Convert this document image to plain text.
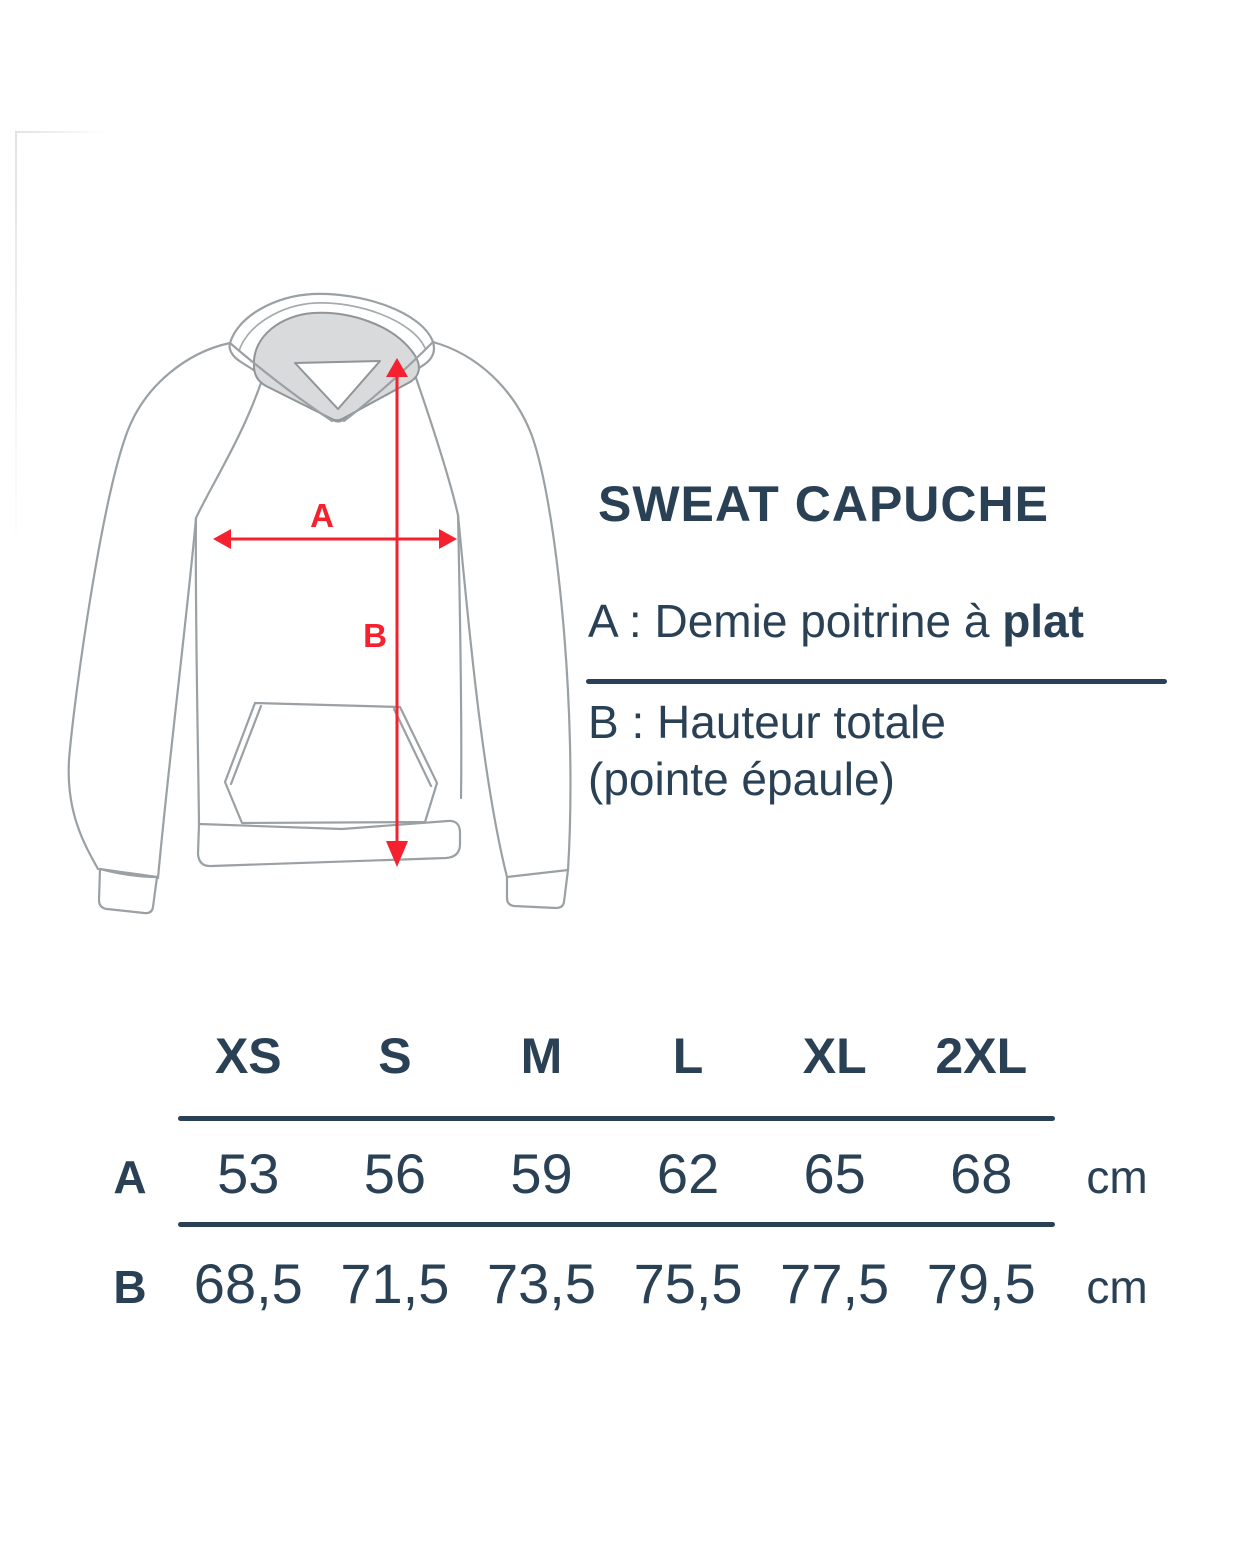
A
B
SWEAT CAPUCHE

A : Demie poitrine à plat

B : Hauteur totale
(pointe épaule)

XS	S	M	L	XL	2XL
A	53	56	59	62	65	68	cm
B 68,5 71,5 73,5 75,5 77,5 79,5	cm
